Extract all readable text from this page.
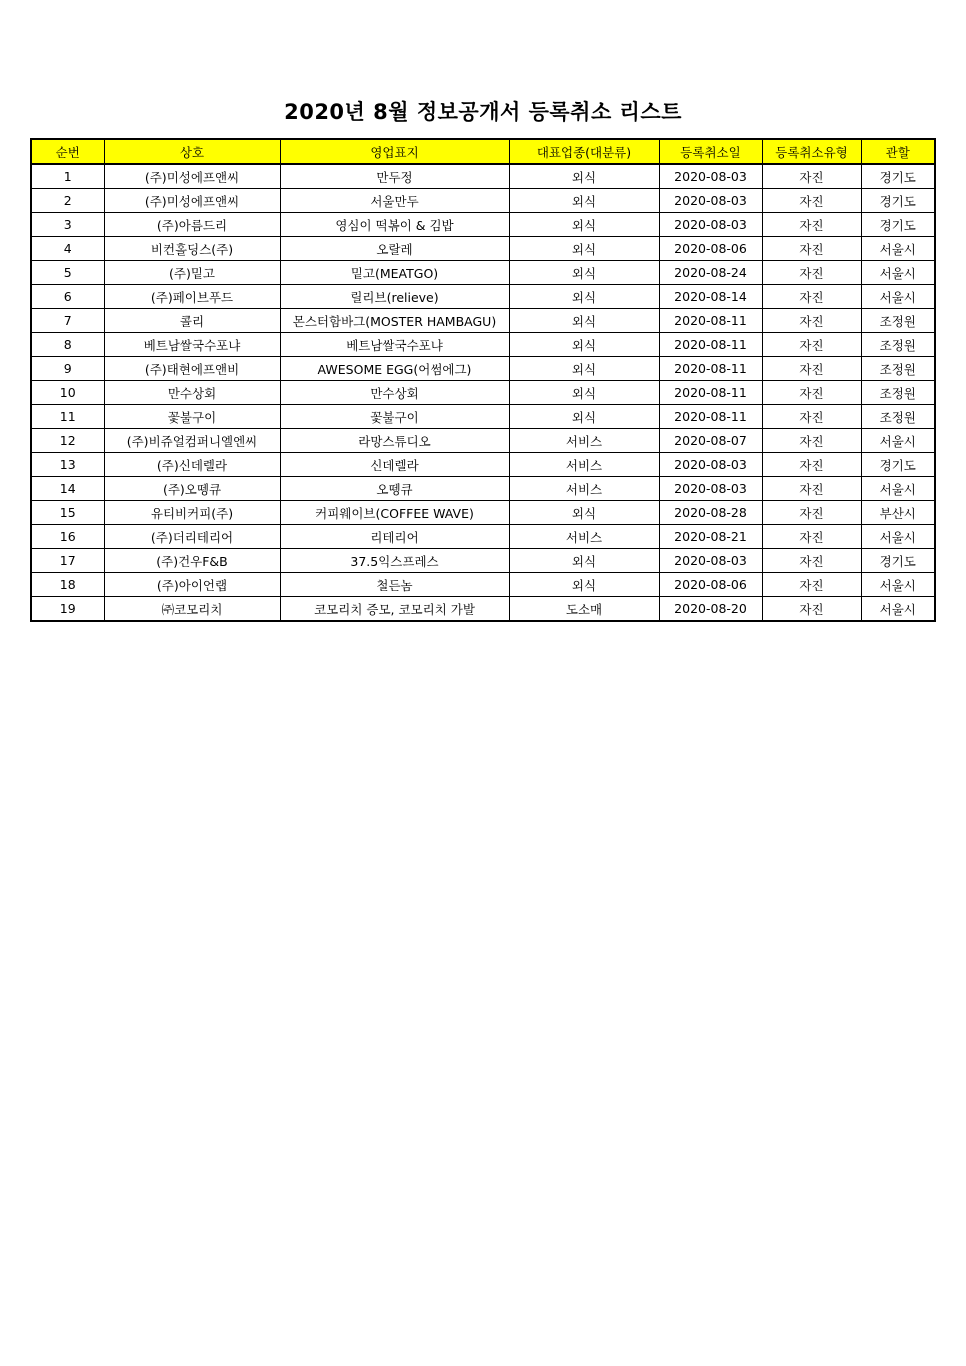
2020년 8월 정보공개서 등록취소 리스트
순번	상호	영업표지	대표업종(대분류)	등록취소일	등록취소유형	관할
1	(주)미성에프앤씨	만두정	외식	2020-08-03	자진	경기도
2	(주)미성에프앤씨	서울만두	외식	2020-08-03	자진	경기도
3	(주)아름드리	영심이 떡볶이 & 김밥	외식	2020-08-03	자진	경기도
4	비컨홀딩스(주)	오랄레	외식	2020-08-06	자진	서울시
5	(주)밑고	밑고(MEATGO)	외식	2020-08-24	자진	서울시
6	(주)페이브푸드	릴리브(relieve)	외식	2020-08-14	자진	서울시
7	콜리	몬스터함바그(MOSTER HAMBAGU)	외식	2020-08-11	자진	조정원
8	베트남쌀국수포냐	베트남쌀국수포냐	외식	2020-08-11	자진	조정원
9	(주)태현에프앤비	AWESOME EGG(어썸에그)	외식	2020-08-11	자진	조정원
10	만수상회	만수상회	외식	2020-08-11	자진	조정원
11	꽃불구이	꽃불구이	외식	2020-08-11	자진	조정원
12	(주)비쥬얼컴퍼니엘엔씨	라망스튜디오	서비스	2020-08-07	자진	서울시
13	(주)신데렐라	신데렐라	서비스	2020-08-03	자진	경기도
14	(주)오뗑큐	오뗑큐	서비스	2020-08-03	자진	서울시
15	유티비커피(주)	커피웨이브(COFFEE WAVE)	외식	2020-08-28	자진	부산시
16	(주)더리테리어	리테리어	서비스	2020-08-21	자진	서울시
17	(주)건우F&B	37.5익스프레스	외식	2020-08-03	자진	경기도
18	(주)아이언랩	철든놈	외식	2020-08-06	자진	서울시
19	㈜코모리치	코모리치 증모, 코모리치 가발	도소매	2020-08-20	자진	서울시
